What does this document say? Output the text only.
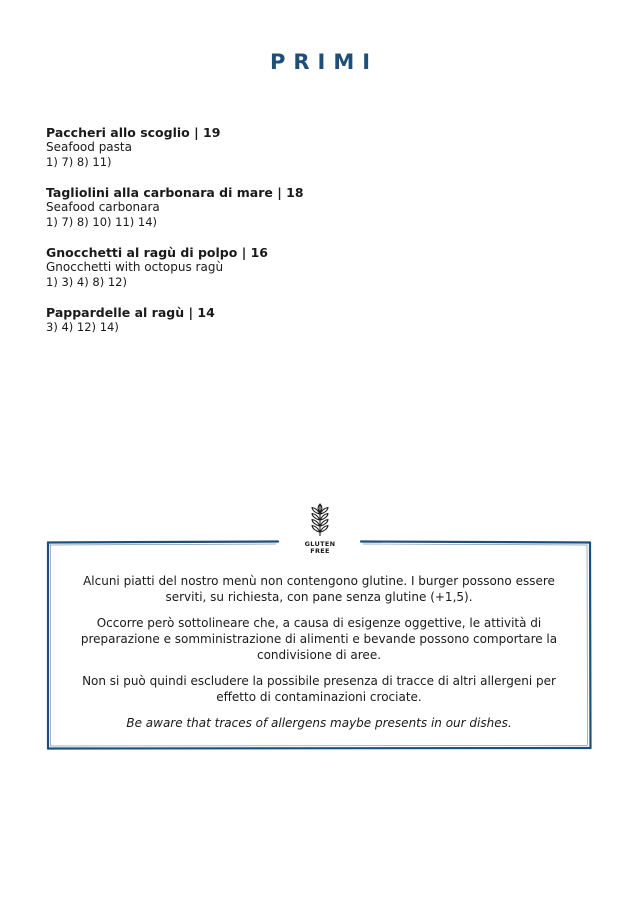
PRIMI
Paccheri allo scoglio | 19
Seafood pasta
1) 7) 8) 11)
Tagliolini alla carbonara di mare | 18
Seafood carbonara
1) 7) 8) 10) 11) 14)
Gnocchetti al ragù di polpo | 16
Gnocchetti with octopus ragù
1) 3) 4) 8) 12)
Pappardelle al ragù | 14
3) 4) 12) 14)
GLUTEN
FREE

Alcuni piatti del nostro menù non contengono glutine. I burger possono essere serviti, su richiesta, con pane senza glutine (+1,5).

Occorre però sottolineare che, a causa di esigenze oggettive, le attività di preparazione e somministrazione di alimenti e bevande possono comportare la condivisione di aree.

Non si può quindi escludere la possibile presenza di tracce di altri allergeni per effetto di contaminazioni crociate.

Be aware that traces of allergens maybe presents in our dishes.
